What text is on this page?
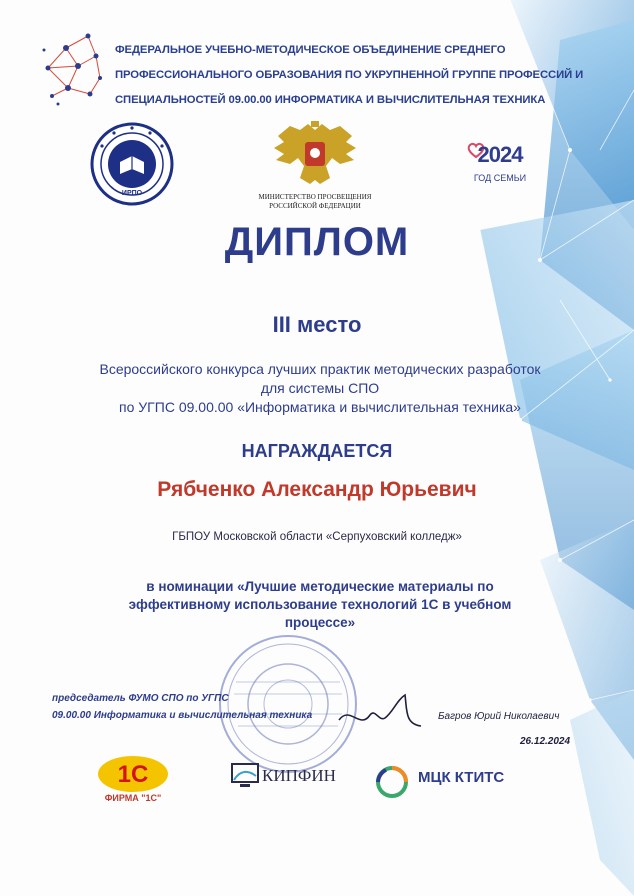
ФЕДЕРАЛЬНОЕ УЧЕБНО-МЕТОДИЧЕСКОЕ ОБЪЕДИНЕНИЕ СРЕДНЕГО
ПРОФЕССИОНАЛЬНОГО ОБРАЗОВАНИЯ ПО УКРУПНЕННОЙ ГРУППЕ ПРОФЕССИЙ И
СПЕЦИАЛЬНОСТЕЙ 09.00.00 ИНФОРМАТИКА И ВЫЧИСЛИТЕЛЬНАЯ ТЕХНИКА
ИРПО	МИНИСТЕРСТВО ПРОСВЕЩЕНИЯ
РОССИЙСКОЙ ФЕДЕРАЦИИ
2024
ГОД СЕМЬИ
ДИПЛОМ
III место
Всероссийского конкурса лучших практик методических разработок
для системы СПО
по УГПС 09.00.00 «Информатика и вычислительная техника»
НАГРАЖДАЕТСЯ
Рябченко Александр Юрьевич
ГБПОУ Московской области «Серпуховский колледж»
в номинации «Лучшие методические материалы по
эффективному использование технологий 1С в учебном
процессе»
председатель ФУМО СПО по УГПС
09.00.00 Информатика и вычислительная техника	Багров Юрий Николаевич
26.12.2024
1С
ФИРМА "1С"
КИПФИН	МЦК КТИТС
